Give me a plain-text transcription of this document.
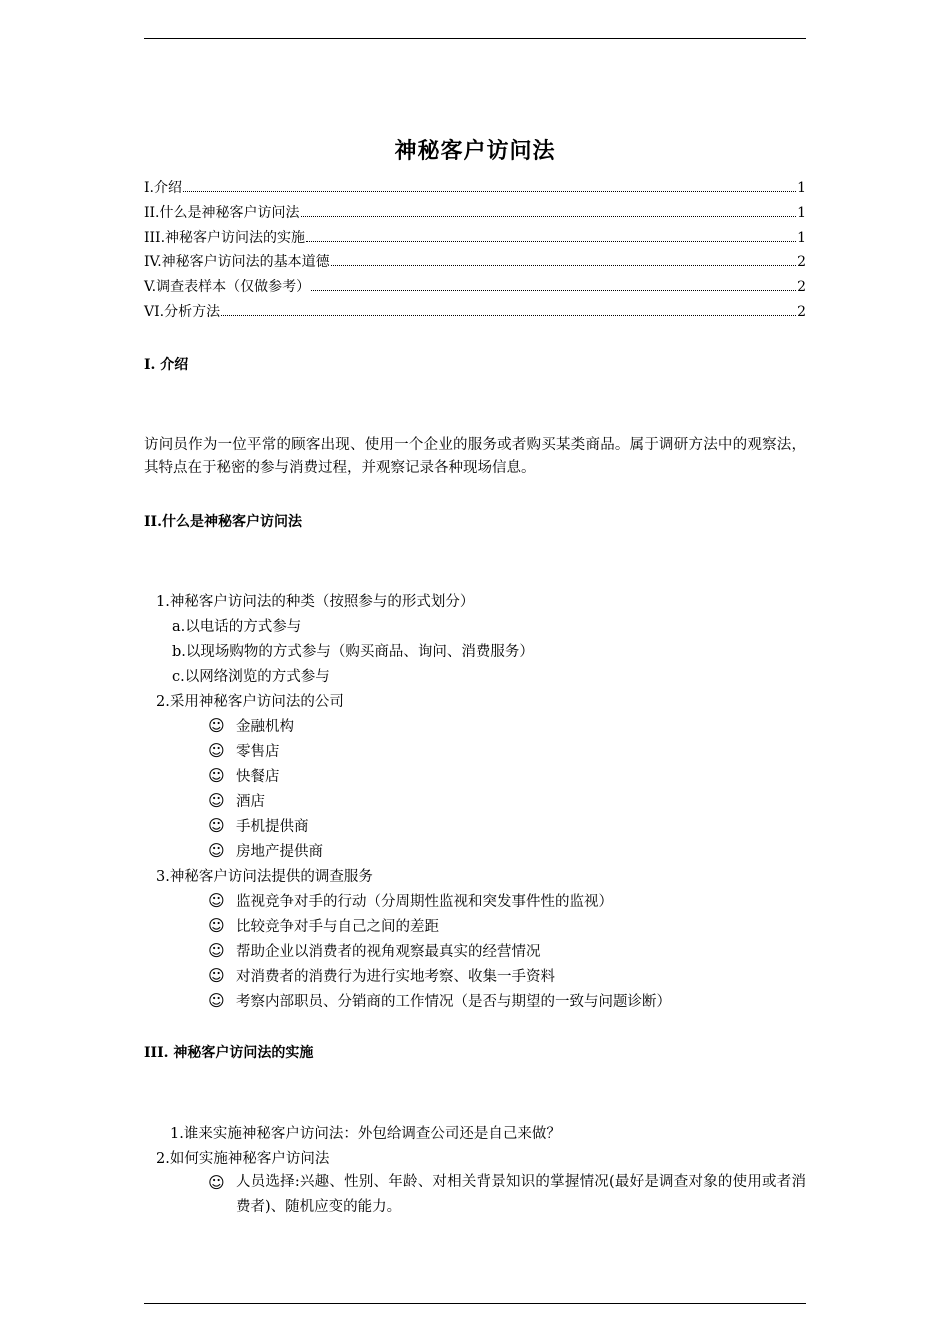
神秘客户访问法
I.介绍	1
II.什么是神秘客户访问法	1
III.神秘客户访问法的实施	1
IV.神秘客户访问法的基本道德	2
V.调查表样本（仅做参考）	2
VI.分析方法	2
I. 介绍
访问员作为一位平常的顾客出现、使用一个企业的服务或者购买某类商品。属于调研方法中的观察法， 其特点在于秘密的参与消费过程，并观察记录各种现场信息。
II.什么是神秘客户访问法
1.神秘客户访问法的种类（按照参与的形式划分）
a.以电话的方式参与
b.以现场购物的方式参与（购买商品、询问、消费服务）
c.以网络浏览的方式参与
2.采用神秘客户访问法的公司
☺ 金融机构
☺ 零售店
☺ 快餐店
☺ 酒店
☺ 手机提供商
☺ 房地产提供商
3.神秘客户访问法提供的调查服务
☺ 监视竞争对手的行动（分周期性监视和突发事件性的监视）
☺ 比较竞争对手与自己之间的差距
☺ 帮助企业以消费者的视角观察最真实的经营情况
☺ 对消费者的消费行为进行实地考察、收集一手资料
☺ 考察内部职员、分销商的工作情况（是否与期望的一致与问题诊断）
III. 神秘客户访问法的实施
1.谁来实施神秘客户访问法：外包给调查公司还是自己来做？
2.如何实施神秘客户访问法
☺ 人员选择:兴趣、性别、年龄、对相关背景知识的掌握情况(最好是调查对象的使用或者消费者)、随机应变的能力。
